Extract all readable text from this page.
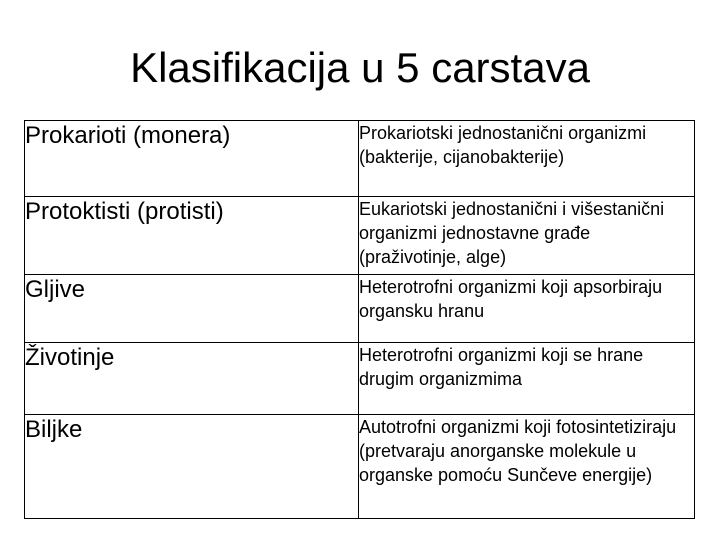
Klasifikacija u 5 carstava
Prokarioti (monera)	Prokariotski jednostanični organizmi (bakterije, cijanobakterije)
Protoktisti (protisti)	Eukariotski jednostanični i višestanični organizmi jednostavne građe (praživotinje, alge)
Gljive	Heterotrofni organizmi koji apsorbiraju organsku hranu
Životinje	Heterotrofni organizmi koji se hrane drugim organizmima
Biljke	Autotrofni organizmi koji fotosintetiziraju (pretvaraju anorganske molekule u organske pomoću Sunčeve energije)
